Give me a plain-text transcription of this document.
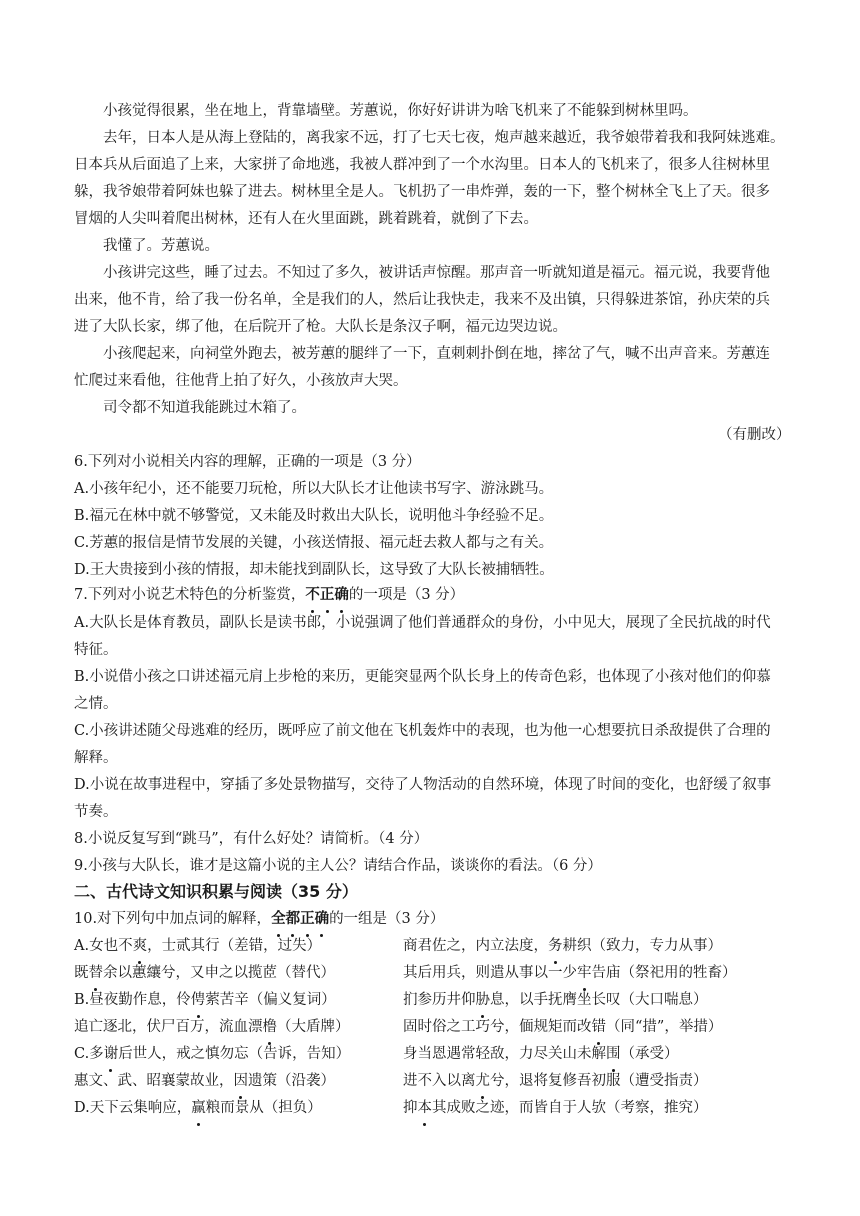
小孩觉得很累，坐在地上，背靠墙壁。芳蕙说，你好好讲讲为啥飞机来了不能躲到树林里吗。
去年，日本人是从海上登陆的，离我家不远，打了七天七夜，炮声越来越近，我爷娘带着我和我阿妹逃难。
日本兵从后面追了上来，大家拼了命地逃，我被人群冲到了一个水沟里。日本人的飞机来了，很多人往树林里
躲，我爷娘带着阿妹也躲了进去。树林里全是人。飞机扔了一串炸弹，轰的一下，整个树林全飞上了天。很多
冒烟的人尖叫着爬出树林，还有人在火里面跳，跳着跳着，就倒了下去。
我懂了。芳蕙说。
小孩讲完这些，睡了过去。不知过了多久，被讲话声惊醒。那声音一听就知道是福元。福元说，我要背他
出来，他不肯，给了我一份名单，全是我们的人，然后让我快走，我来不及出镇，只得躲进茶馆，孙庆荣的兵
进了大队长家，绑了他，在后院开了枪。大队长是条汉子啊，福元边哭边说。
小孩爬起来，向祠堂外跑去，被芳蕙的腿绊了一下，直刺刺扑倒在地，摔岔了气，喊不出声音来。芳蕙连
忙爬过来看他，往他背上拍了好久，小孩放声大哭。
司令都不知道我能跳过木箱了。
（有删改）
6.下列对小说相关内容的理解，正确的一项是（3 分）
A.小孩年纪小，还不能要刀玩枪，所以大队长才让他读书写字、游泳跳马。
B.福元在林中就不够警觉，又未能及时救出大队长，说明他斗争经验不足。
C.芳蕙的报信是情节发展的关键，小孩送情报、福元赶去救人都与之有关。
D.王大贵接到小孩的情报，却未能找到副队长，这导致了大队长被捕牺牲。
7.下列对小说艺术特色的分析鉴赏，不正确的一项是（3 分）
A.大队长是体育教员，副队长是读书郎，小说强调了他们普通群众的身份，小中见大，展现了全民抗战的时代
特征。
B.小说借小孩之口讲述福元肩上步枪的来历，更能突显两个队长身上的传奇色彩，也体现了小孩对他们的仰慕
之情。
C.小孩讲述随父母逃难的经历，既呼应了前文他在飞机轰炸中的表现，也为他一心想要抗日杀敌提供了合理的
解释。
D.小说在故事进程中，穿插了多处景物描写，交待了人物活动的自然环境，体现了时间的变化，也舒缓了叙事
节奏。
8.小说反复写到“跳马”，有什么好处？请简析。（4 分）
9.小孩与大队长，谁才是这篇小说的主人公？请结合作品，谈谈你的看法。（6 分）
二、古代诗文知识积累与阅读（35 分）
10.对下列句中加点词的解释，全都正确的一组是（3 分）
A.女也不爽，士贰其行（差错，过失）	商君佐之，内立法度，务耕织（致力，专力从事）
既替余以蕙纕兮，又申之以揽茝（替代）	其后用兵，则遣从事以一少牢告庙（祭祀用的牲畜）
B.昼夜勤作息，伶俜萦苦辛（偏义复词）	扪参历井仰胁息，以手抚膺坐长叹（大口喘息）
追亡逐北，伏尸百万，流血漂橹（大盾牌）	固时俗之工巧兮，偭规矩而改错（同“措”，举措）
C.多谢后世人，戒之慎勿忘（告诉，告知）	身当恩遇常轻敌，力尽关山未解围（承受）
惠文、武、昭襄蒙故业，因遗策（沿袭）	进不入以离尤兮，退将复修吾初服（遭受指责）
D.天下云集响应，赢粮而景从（担负）	抑本其成败之迹，而皆自于人欤（考察，推究）
